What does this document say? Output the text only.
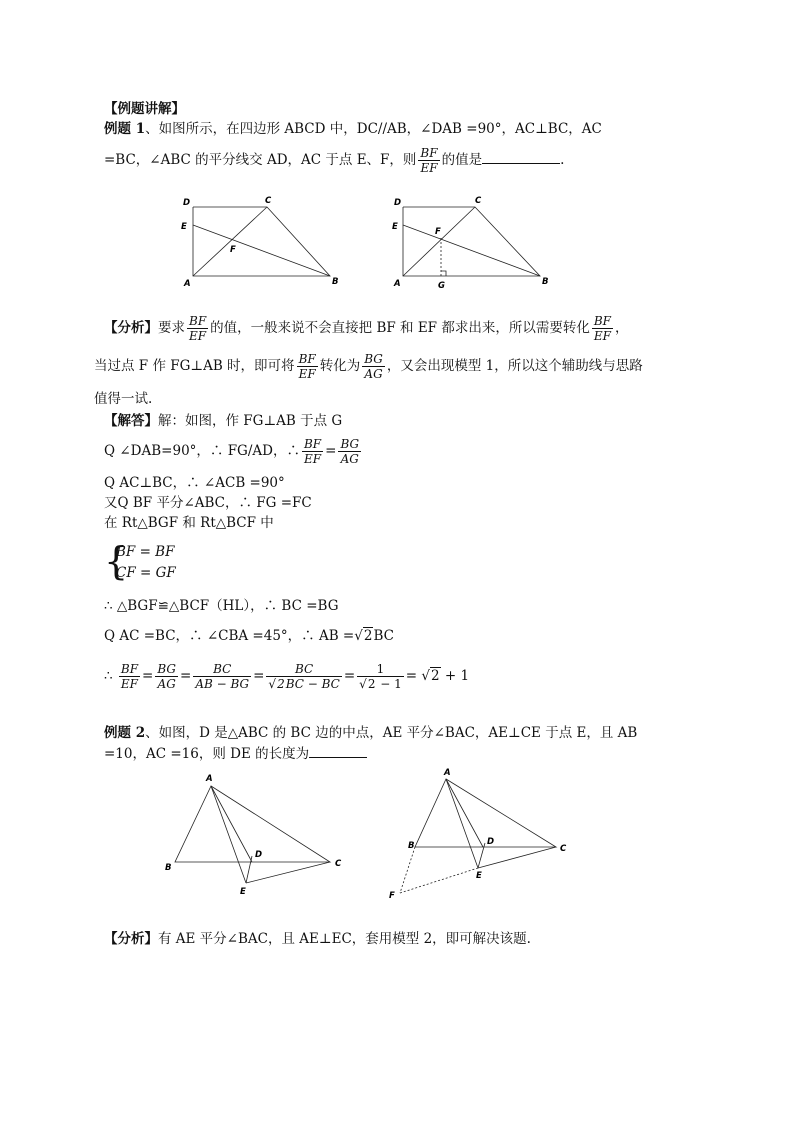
【例题讲解】
例题 1、如图所示，在四边形 ABCD 中，DC//AB，∠DAB =90°，AC⊥BC，AC
=BC，∠ABC 的平分线交 AD，AC 于点 E、F，则 $\frac{BF}{EF}$ 的值是	.
D	C
E
F
A	B
D	C
E	F
A	G	B
【分析】要求 $\frac{BF}{EF}$ 的值，一般来说不会直接把 BF 和 EF 都求出来，所以需要转化 $\frac{BF}{EF}$ ，
当过点 F 作 FG⊥AB 时，即可将 $\frac{BF}{EF}$ 转化为 $\frac{BG}{AG}$ ，又会出现模型 1，所以这个辅助线与思路
值得一试.
【解答】解：如图，作 FG⊥AB 于点 G
Q ∠DAB=90°，∴ FG/AD，∴ $\frac{BF}{EF} = \frac{BG}{AG}$
Q AC⊥BC，∴ ∠ACB =90°
又Q BF 平分∠ABC，∴ FG =FC
在 Rt△BGF 和 Rt△BCF 中
{
BF = BF
CF = GF
∴ △BGF≌△BCF（HL），∴ BC =BG
Q AC =BC，∴ ∠CBA =45°，∴ AB =√2BC
∴ $\frac{BF}{EF} = \frac{BG}{AG} = \frac{BC}{AB - BG} = \frac{BC}{√2BC - BC} = \frac{1}{√2 - 1} = √2 + 1$
例题 2、如图，D 是△ABC 的 BC 边的中点，AE 平分∠BAC，AE⊥CE 于点 E，且 AB
=10，AC =16，则 DE 的长度为
A
B	C
D
E
A
B	C
D
E
F
【分析】有 AE 平分∠BAC，且 AE⊥EC，套用模型 2，即可解决该题.
